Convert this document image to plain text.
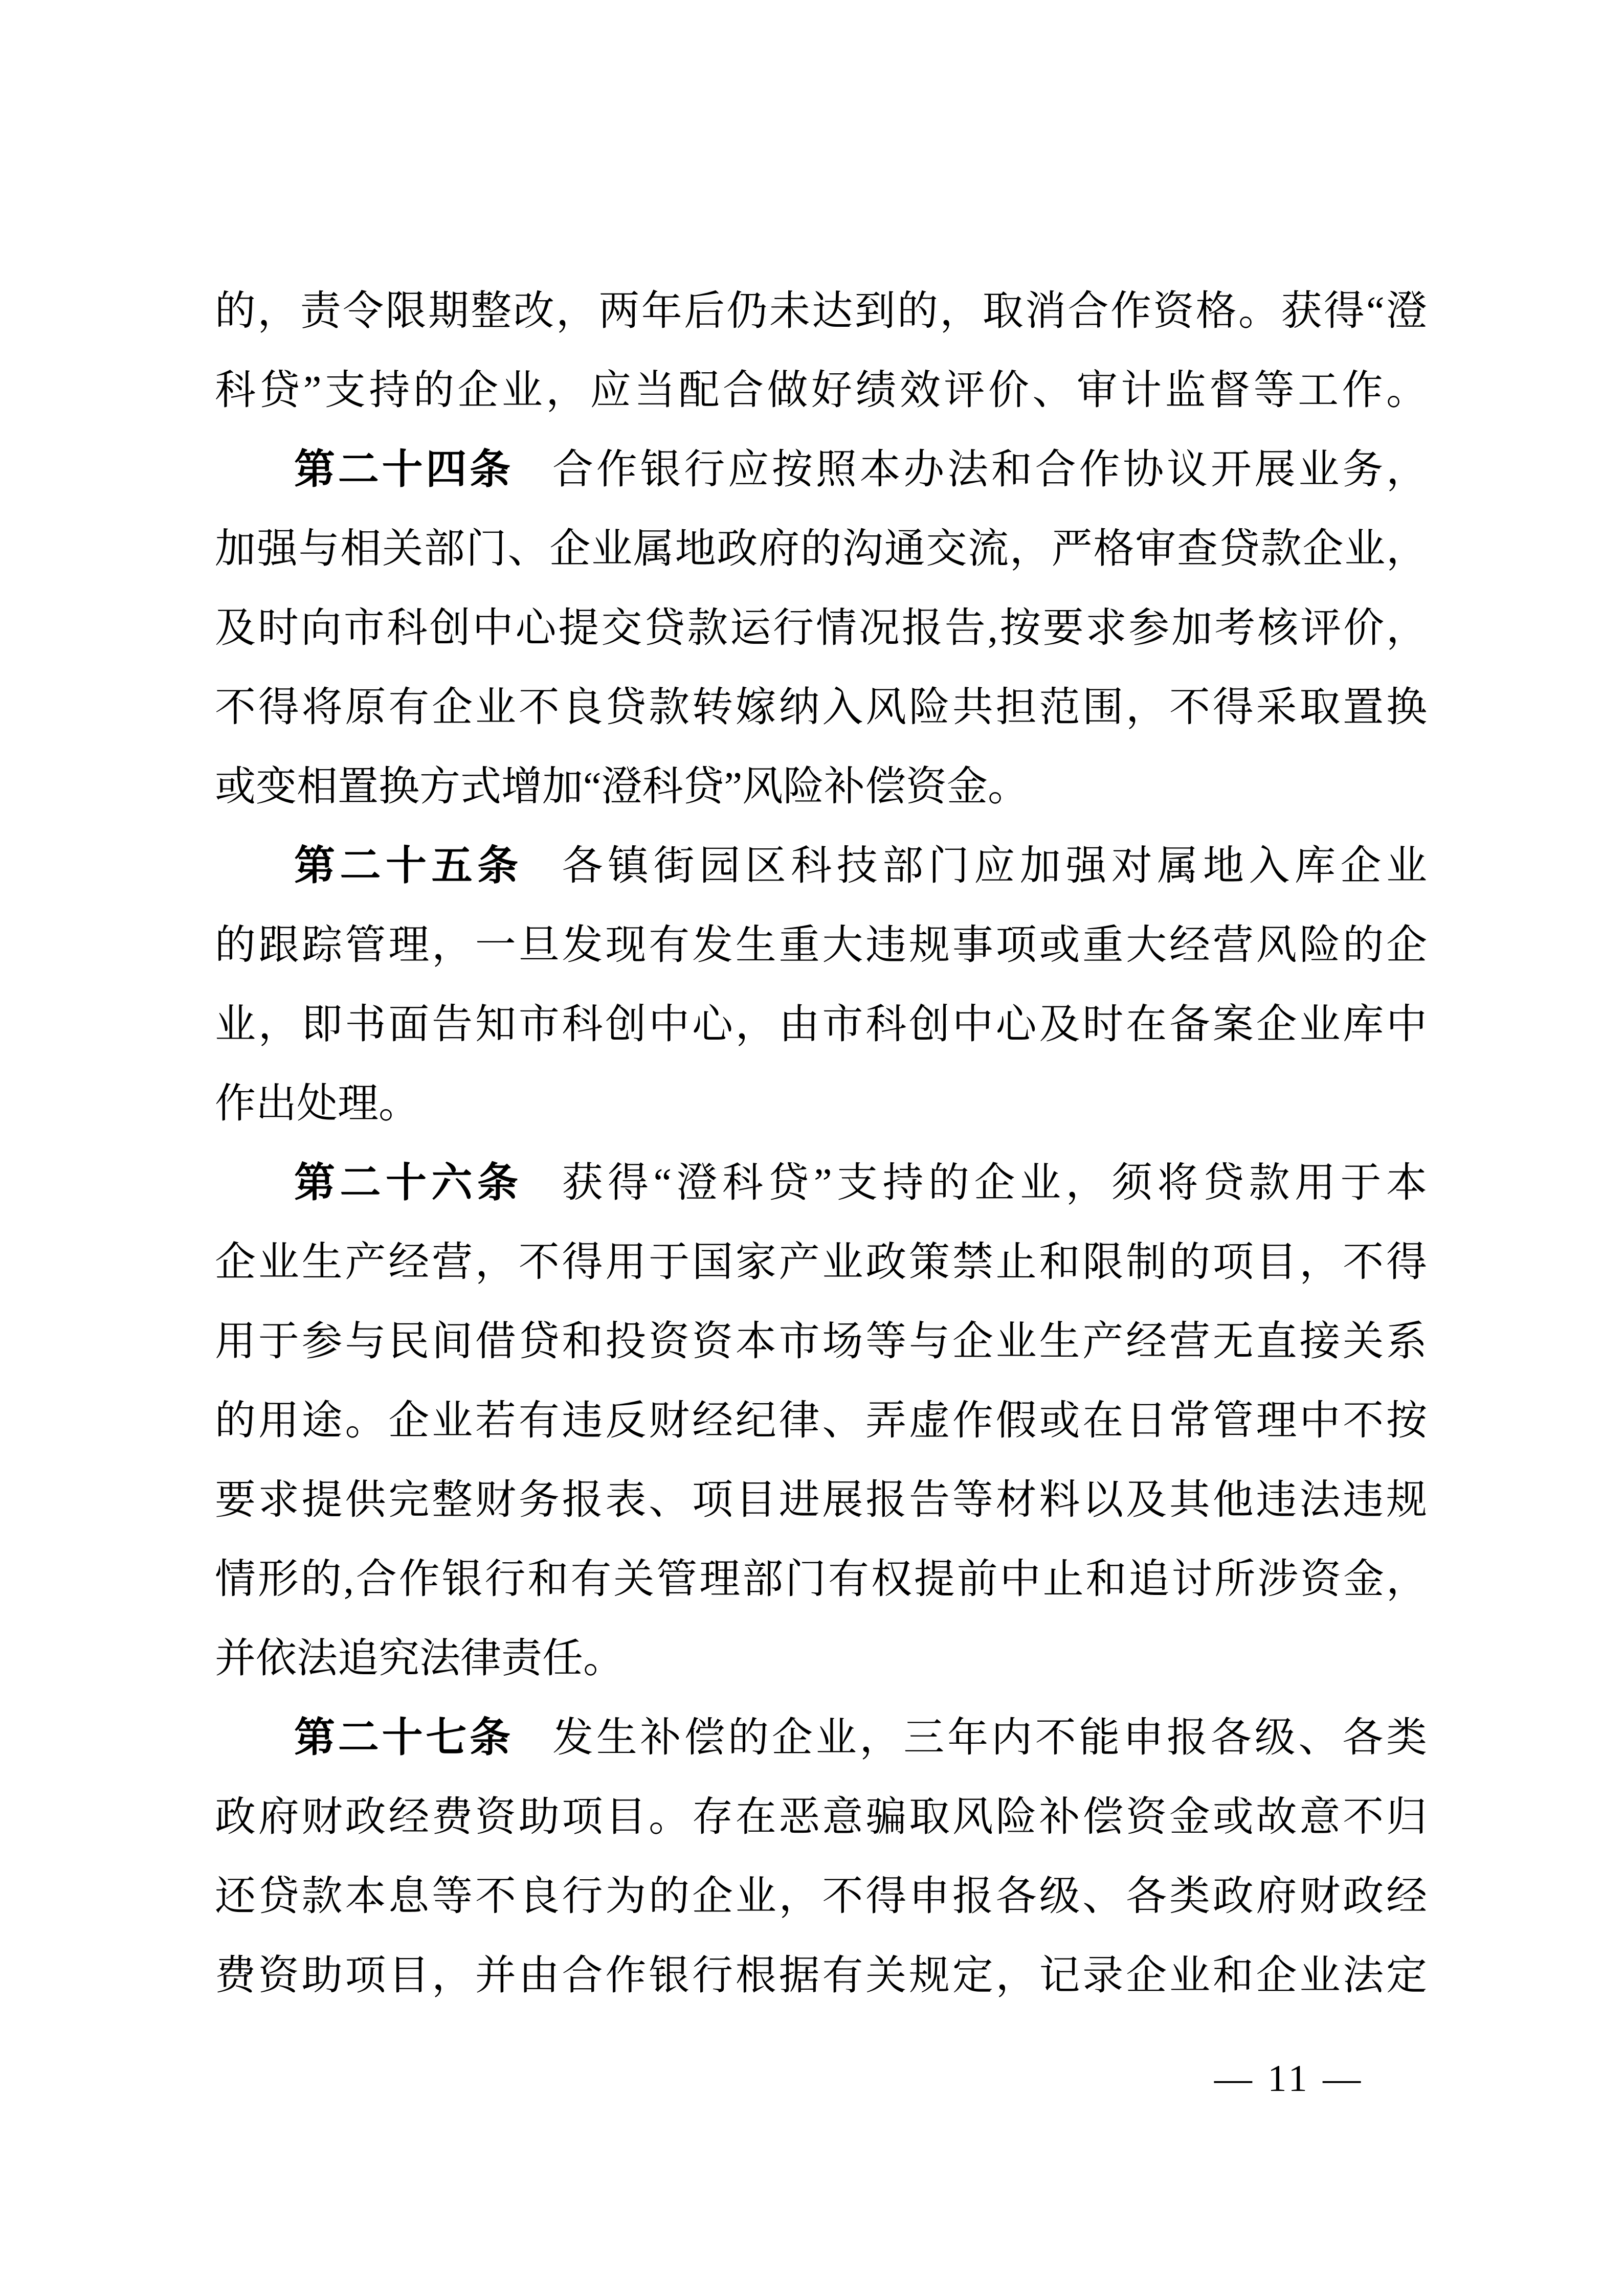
的，责令限期整改，两年后仍未达到的，取消合作资格。获得“澄
科贷”支持的企业，应当配合做好绩效评价、审计监督等工作。
第二十四条 合作银行应按照本办法和合作协议开展业务，
加强与相关部门、企业属地政府的沟通交流，严格审查贷款企业，
及时向市科创中心提交贷款运行情况报告,按要求参加考核评价，
不得将原有企业不良贷款转嫁纳入风险共担范围，不得采取置换
或变相置换方式增加“澄科贷”风险补偿资金。
第二十五条 各镇街园区科技部门应加强对属地入库企业
的跟踪管理，一旦发现有发生重大违规事项或重大经营风险的企
业，即书面告知市科创中心，由市科创中心及时在备案企业库中
作出处理。
第二十六条 获得“澄科贷”支持的企业，须将贷款用于本
企业生产经营，不得用于国家产业政策禁止和限制的项目，不得
用于参与民间借贷和投资资本市场等与企业生产经营无直接关系
的用途。企业若有违反财经纪律、弄虚作假或在日常管理中不按
要求提供完整财务报表、项目进展报告等材料以及其他违法违规
情形的,合作银行和有关管理部门有权提前中止和追讨所涉资金，
并依法追究法律责任。
第二十七条 发生补偿的企业，三年内不能申报各级、各类
政府财政经费资助项目。存在恶意骗取风险补偿资金或故意不归
还贷款本息等不良行为的企业，不得申报各级、各类政府财政经
费资助项目，并由合作银行根据有关规定，记录企业和企业法定
— 11 —
